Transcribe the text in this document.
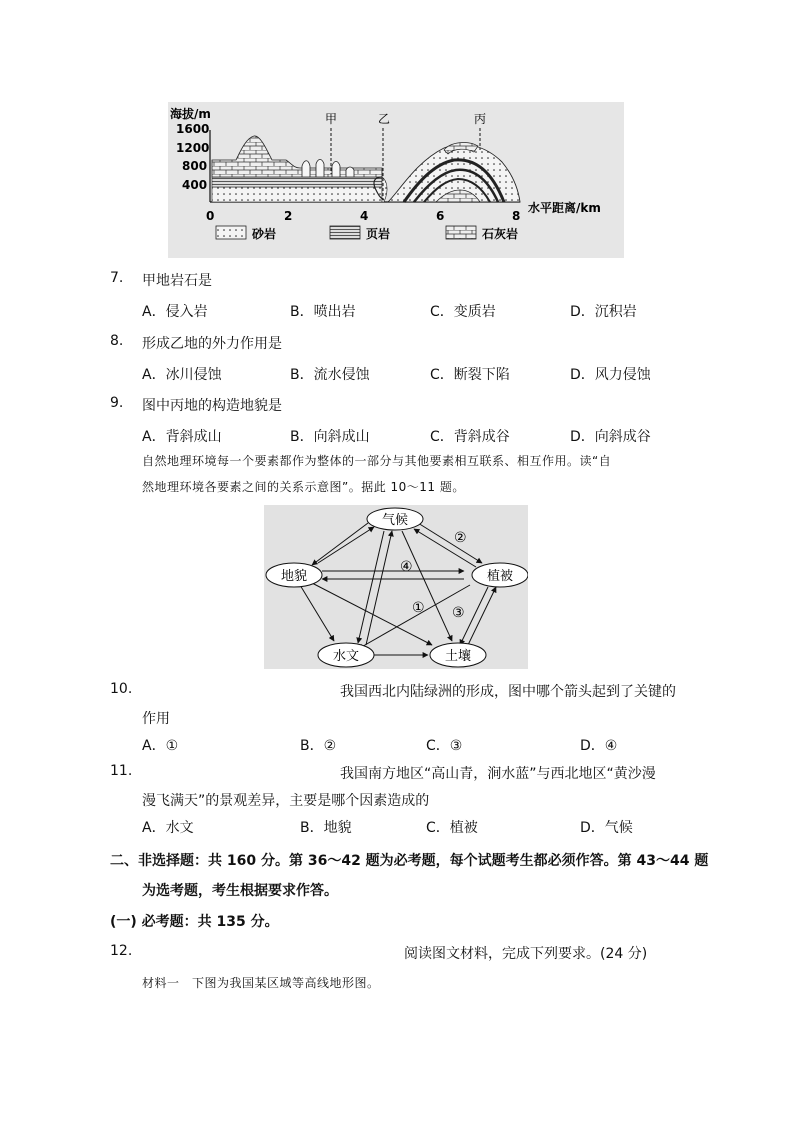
海拔/m
1600
1200
800
400
0	2	4	6	8
水平距离/km
甲	乙	丙
砂岩	页岩	石灰岩
7. 甲地岩石是
A．侵入岩	B．喷出岩	C．变质岩	D．沉积岩
8. 形成乙地的外力作用是
A．冰川侵蚀	B．流水侵蚀	C．断裂下陷	D．风力侵蚀
9. 图中丙地的构造地貌是
A．背斜成山	B．向斜成山	C．背斜成谷	D．向斜成谷
自然地理环境每一个要素都作为整体的一部分与其他要素相互联系、相互作用。读“自
然地理环境各要素之间的关系示意图”。据此 10～11 题。
气候
地貌	植被
水文	土壤
①
②
③
④
10.	我国西北内陆绿洲的形成，图中哪个箭头起到了关键的
作用
A．①	B．②	C．③	D．④
11.	我国南方地区“高山青，涧水蓝”与西北地区“黄沙漫
漫飞满天”的景观差异，主要是哪个因素造成的
A．水文	B．地貌	C．植被	D．气候
二、非选择题：共 160 分。第 36～42 题为必考题，每个试题考生都必须作答。第 43～44 题
为选考题，考生根据要求作答。
(一) 必考题：共 135 分。
12.	阅读图文材料，完成下列要求。(24 分)
材料一　下图为我国某区域等高线地形图。
